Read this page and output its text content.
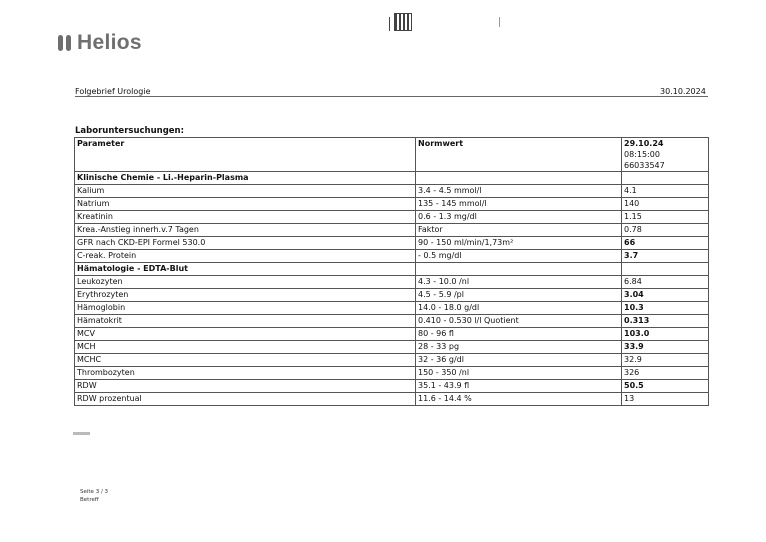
Helios
Folgebrief Urologie	30.10.2024
Laboruntersuchungen:
Parameter	Normwert	29.10.24
08:15:00
66033547

Klinische Chemie - Li.-Heparin-Plasma		
Kalium	3.4 - 4.5 mmol/l	4.1
Natrium	135 - 145 mmol/l	140
Kreatinin	0.6 - 1.3 mg/dl	1.15
Krea.-Anstieg innerh.v.7 Tagen	Faktor	0.78
GFR nach CKD-EPI Formel 530.0	90 - 150 ml/min/1,73m²	66
C-reak. Protein	- 0.5 mg/dl	3.7
Hämatologie - EDTA-Blut		
Leukozyten	4.3 - 10.0 /nl	6.84
Erythrozyten	4.5 - 5.9 /pl	3.04
Hämoglobin	14.0 - 18.0 g/dl	10.3
Hämatokrit	0.410 - 0.530 l/l Quotient	0.313
MCV	80 - 96 fl	103.0
MCH	28 - 33 pg	33.9
MCHC	32 - 36 g/dl	32.9
Thrombozyten	150 - 350 /nl	326
RDW	35.1 - 43.9 fl	50.5
RDW prozentual	11.6 - 14.4 %	13
Seite 3 / 3
Betreff
